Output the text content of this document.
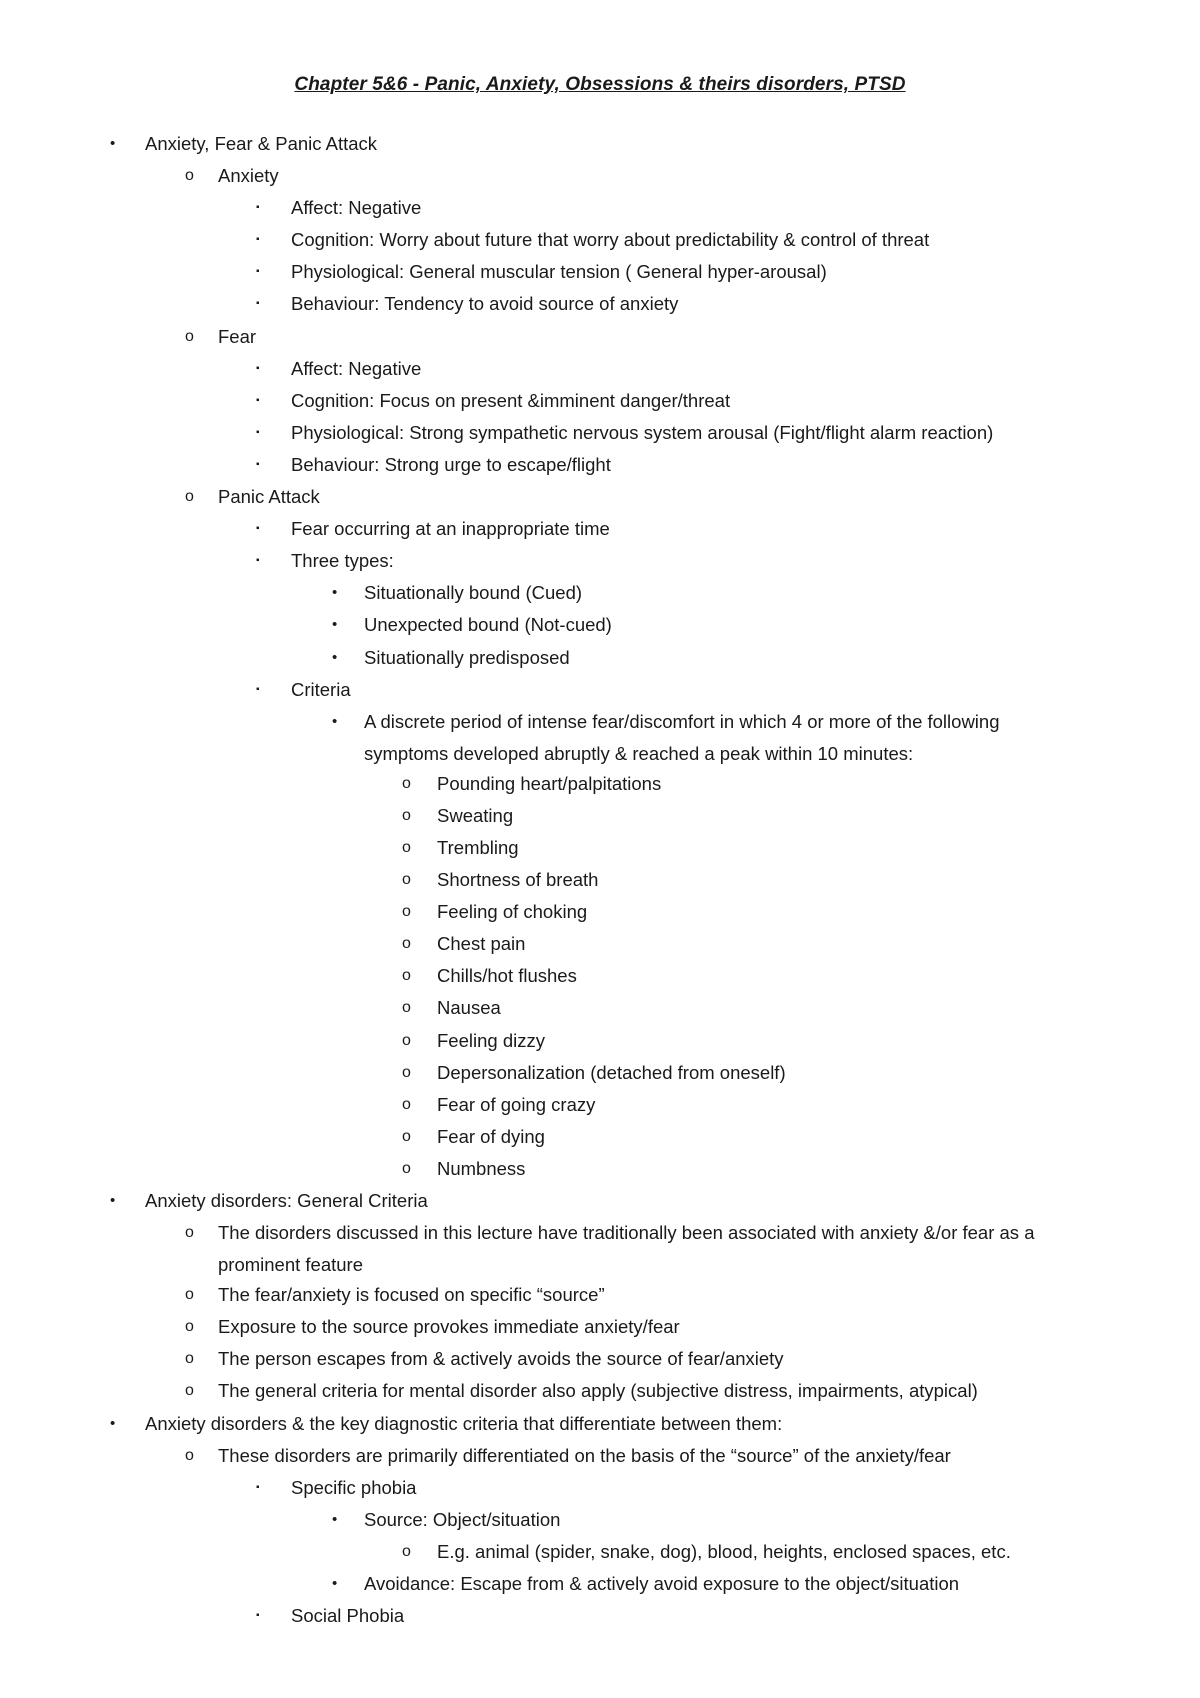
Chapter 5&6 - Panic, Anxiety, Obsessions & theirs disorders, PTSD
• Anxiety, Fear & Panic Attack
o Anxiety
▪ Affect: Negative
▪ Cognition: Worry about future that worry about predictability & control of threat
▪ Physiological: General muscular tension ( General hyper-arousal)
▪ Behaviour: Tendency to avoid source of anxiety
o Fear
▪ Affect: Negative
▪ Cognition: Focus on present &imminent danger/threat
▪ Physiological: Strong sympathetic nervous system arousal (Fight/flight alarm reaction)
▪ Behaviour: Strong urge to escape/flight
o Panic Attack
▪ Fear occurring at an inappropriate time
▪ Three types:
• Situationally bound (Cued)
• Unexpected bound (Not-cued)
• Situationally predisposed
▪ Criteria
• A discrete period of intense fear/discomfort in which 4 or more of the following
symptoms developed abruptly & reached a peak within 10 minutes:
o Pounding heart/palpitations
o Sweating
o Trembling
o Shortness of breath
o Feeling of choking
o Chest pain
o Chills/hot flushes
o Nausea
o Feeling dizzy
o Depersonalization (detached from oneself)
o Fear of going crazy
o Fear of dying
o Numbness
• Anxiety disorders: General Criteria
o The disorders discussed in this lecture have traditionally been associated with anxiety &/or fear as a
prominent feature
o The fear/anxiety is focused on specific “source”
o Exposure to the source provokes immediate anxiety/fear
o The person escapes from & actively avoids the source of fear/anxiety
o The general criteria for mental disorder also apply (subjective distress, impairments, atypical)
• Anxiety disorders & the key diagnostic criteria that differentiate between them:
o These disorders are primarily differentiated on the basis of the “source” of the anxiety/fear
▪ Specific phobia
• Source: Object/situation
o E.g. animal (spider, snake, dog), blood, heights, enclosed spaces, etc.
• Avoidance: Escape from & actively avoid exposure to the object/situation
▪ Social Phobia
